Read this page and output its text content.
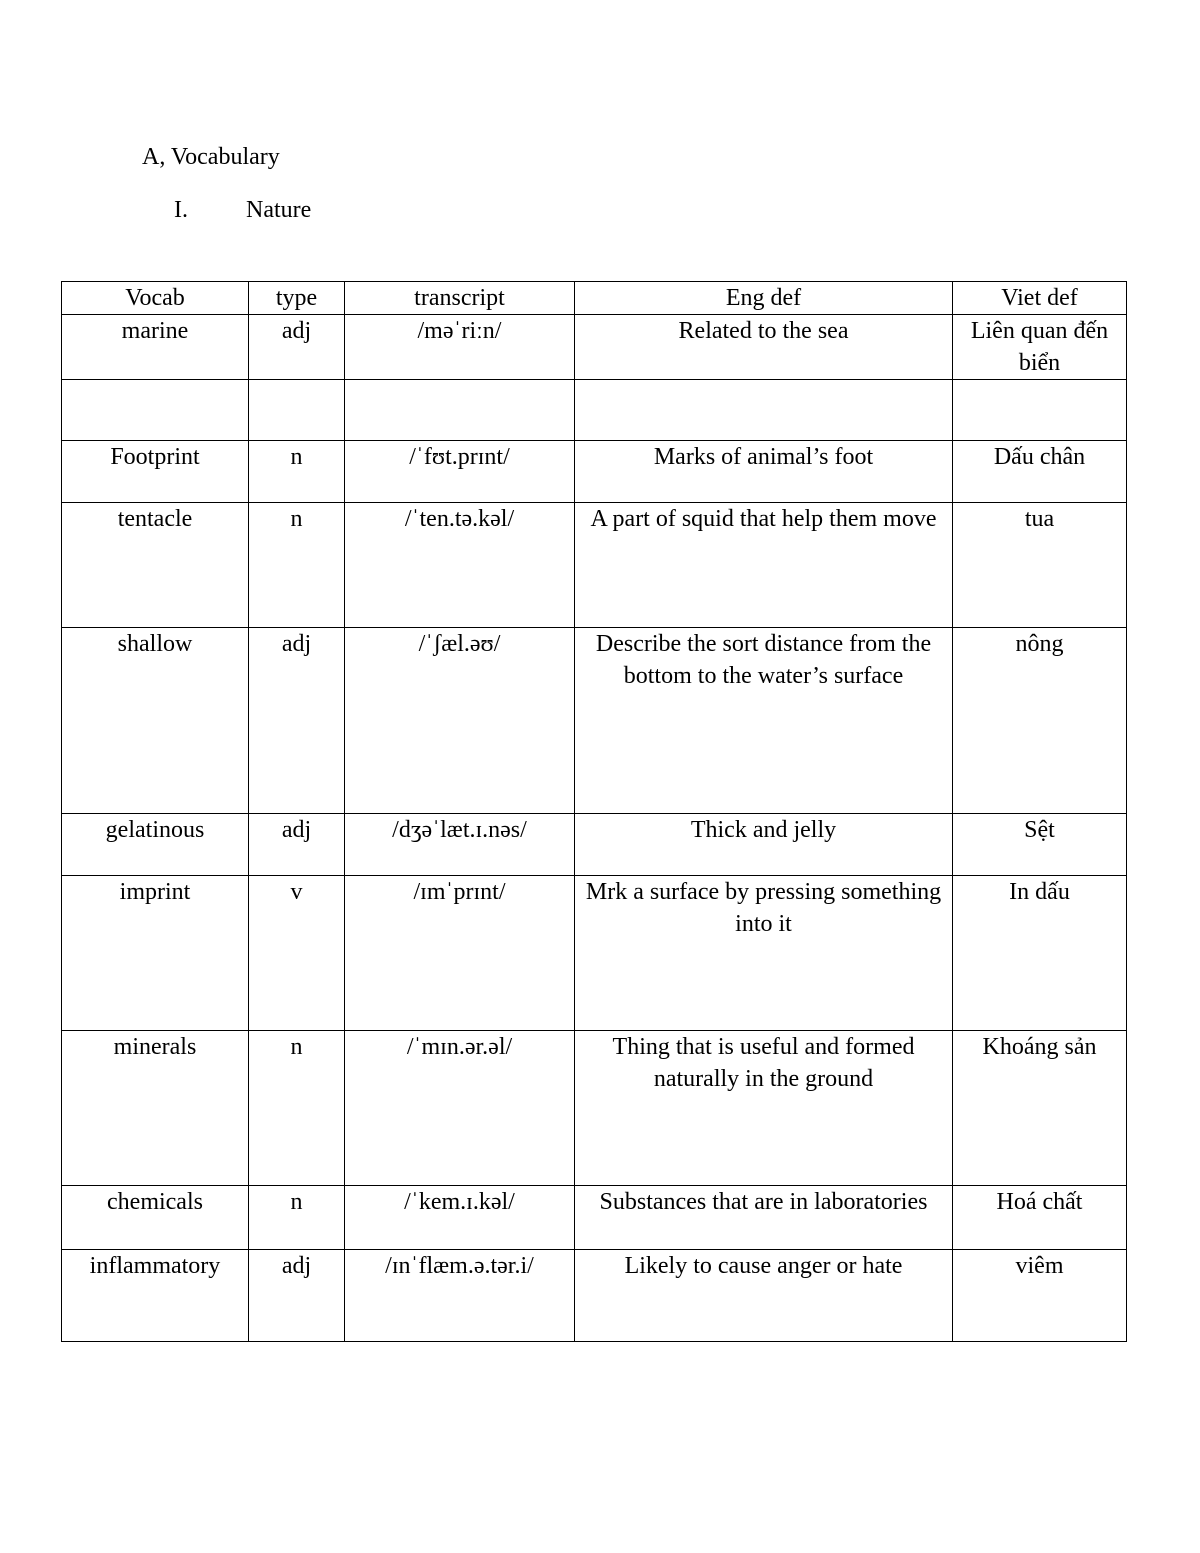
A, Vocabulary
I. Nature
Vocab	type	transcript	Eng def	Viet def
marine	adj	/məˈriːn/	Related to the sea	Liên quan đến biển

Footprint	n	/ˈfʊt.prɪnt/	Marks of animal’s foot	Dấu chân
tentacle	n	/ˈten.tə.kəl/	A part of squid that help them move	tua
shallow	adj	/ˈʃæl.əʊ/	Describe the sort distance from the bottom to the water’s surface	nông
gelatinous	adj	/dʒəˈlæt.ɪ.nəs/	Thick and jelly	Sệt
imprint	v	/ɪmˈprɪnt/	Mrk a surface by pressing something into it	In dấu
minerals	n	/ˈmɪn.ər.əl/	Thing that is useful and formed naturally in the ground	Khoáng sản
chemicals	n	/ˈkem.ɪ.kəl/	Substances that are in laboratories	Hoá chất
inflammatory	adj	/ɪnˈflæm.ə.tər.i/	Likely to cause anger or hate	viêm
